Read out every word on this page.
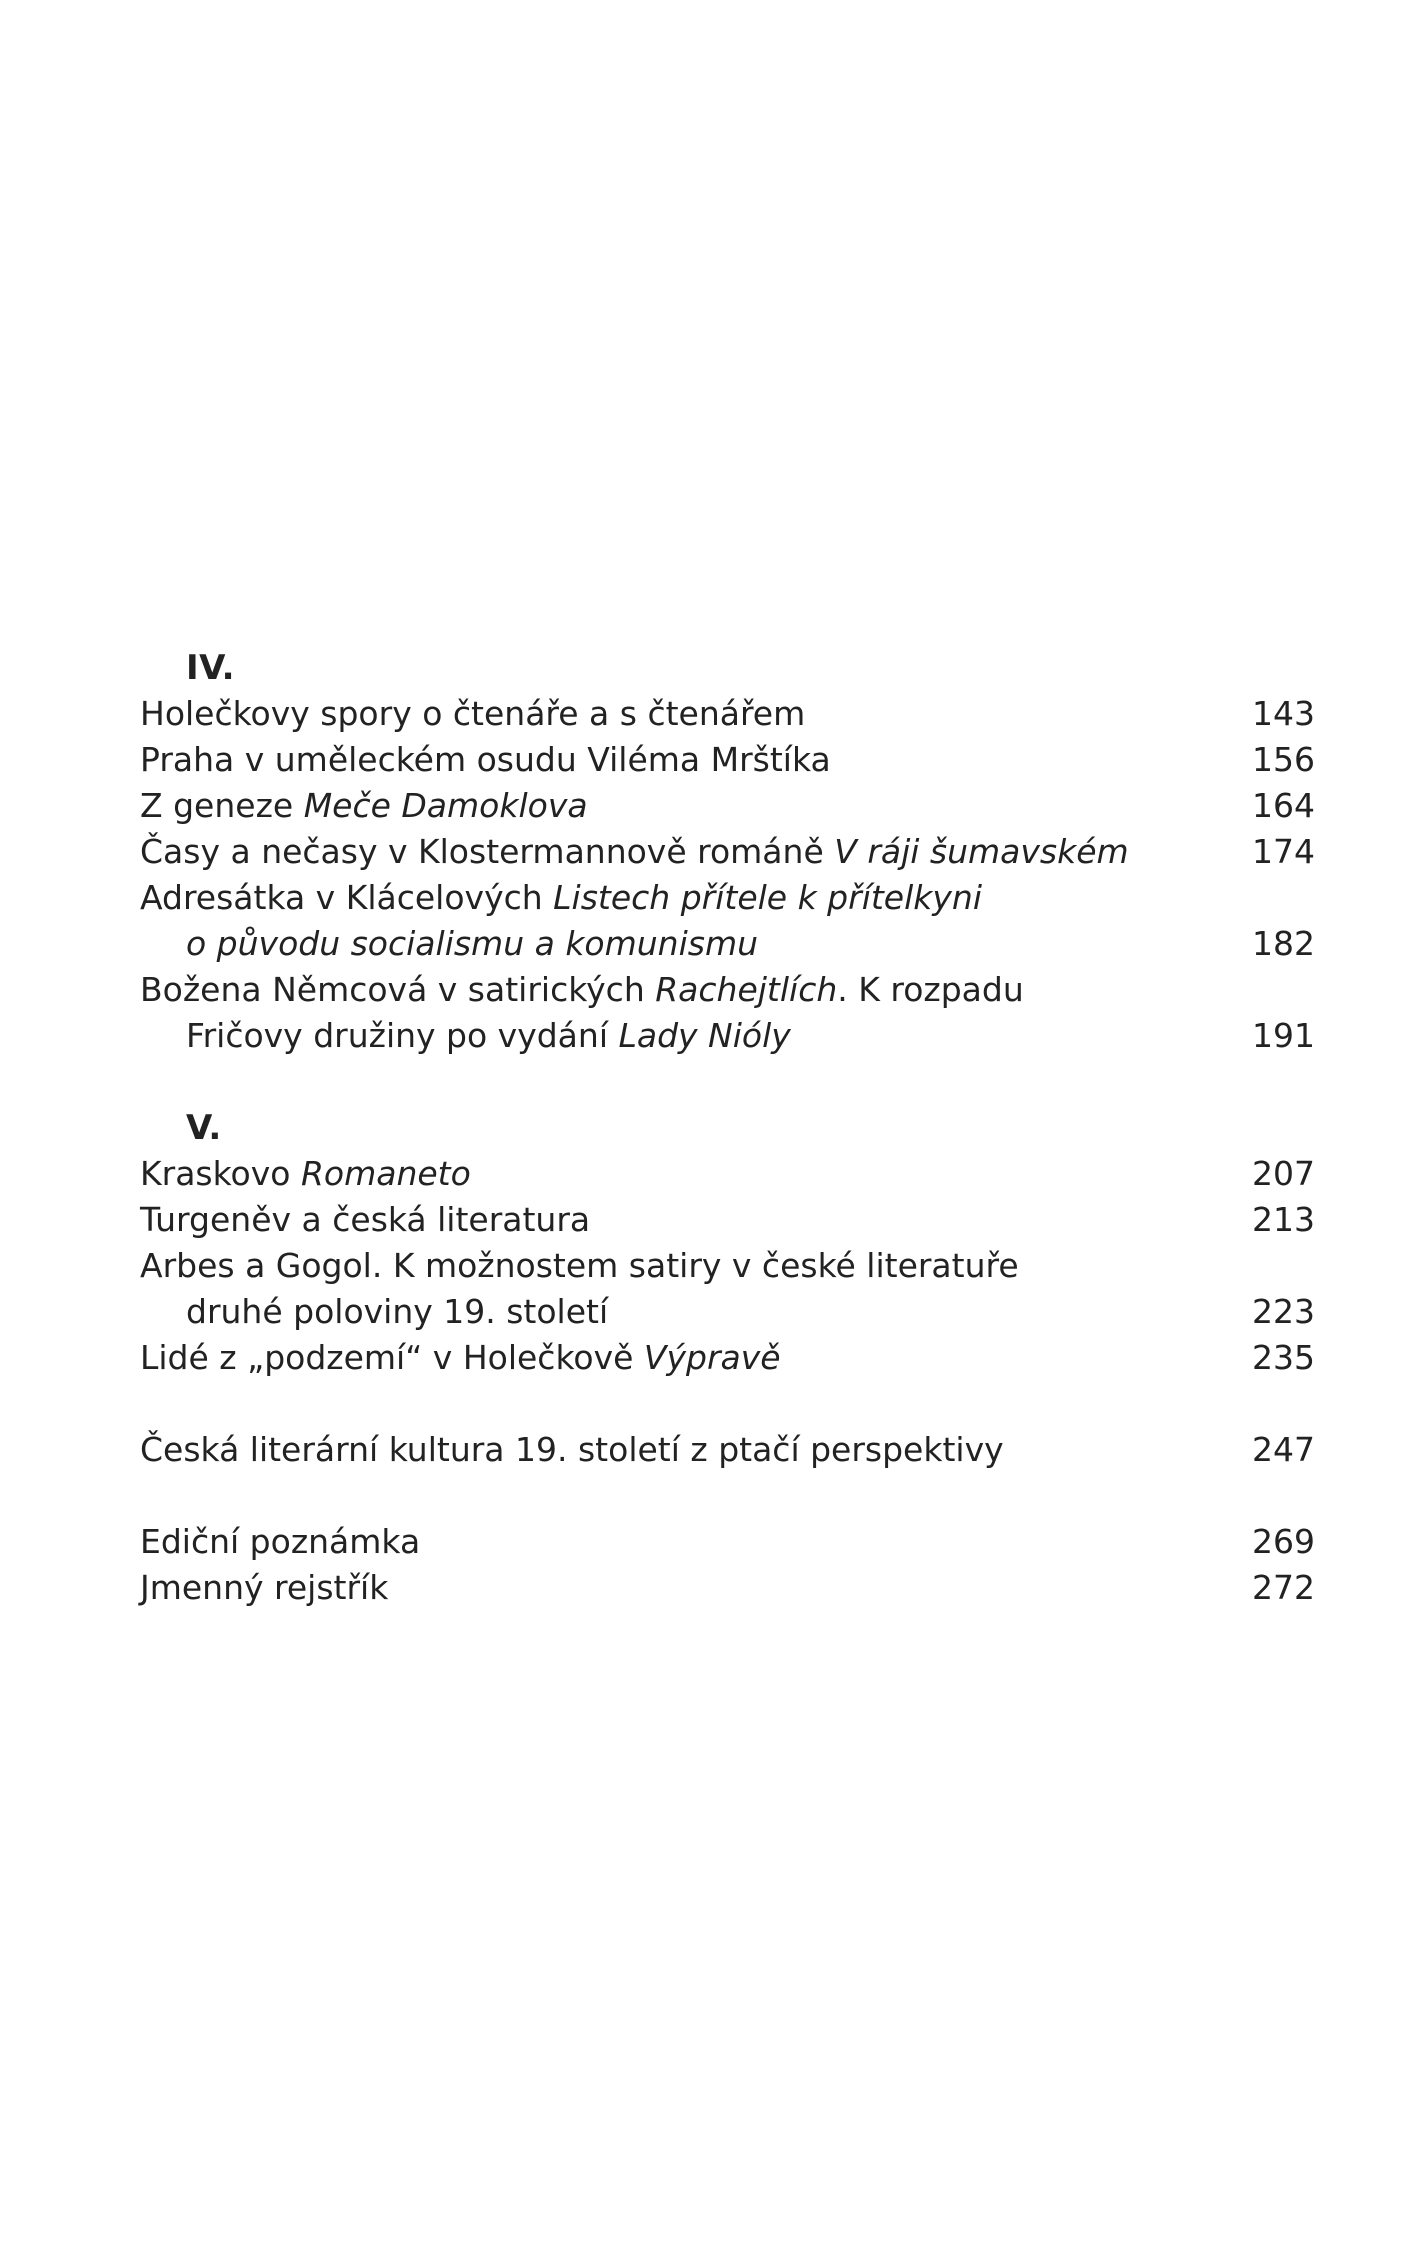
IV.
Holečkovy spory o čtenáře a s čtenářem	143
Praha v uměleckém osudu Viléma Mrštíka	156
Z geneze Meče Damoklova	164
Časy a nečasy v Klostermannově románě V ráji šumavském	174
Adresátka v Klácelových Listech přítele k přítelkyni
o původu socialismu a komunismu	182
Božena Němcová v satirických Rachejtlích. K rozpadu
Fričovy družiny po vydání Lady Nióly	191
V.
Kraskovo Romaneto	207
Turgeněv a česká literatura	213
Arbes a Gogol. K možnostem satiry v české literatuře
druhé poloviny 19. století	223
Lidé z „podzemí“ v Holečkově Výpravě	235
Česká literární kultura 19. století z ptačí perspektivy	247
Ediční poznámka	269
Jmenný rejstřík	272
